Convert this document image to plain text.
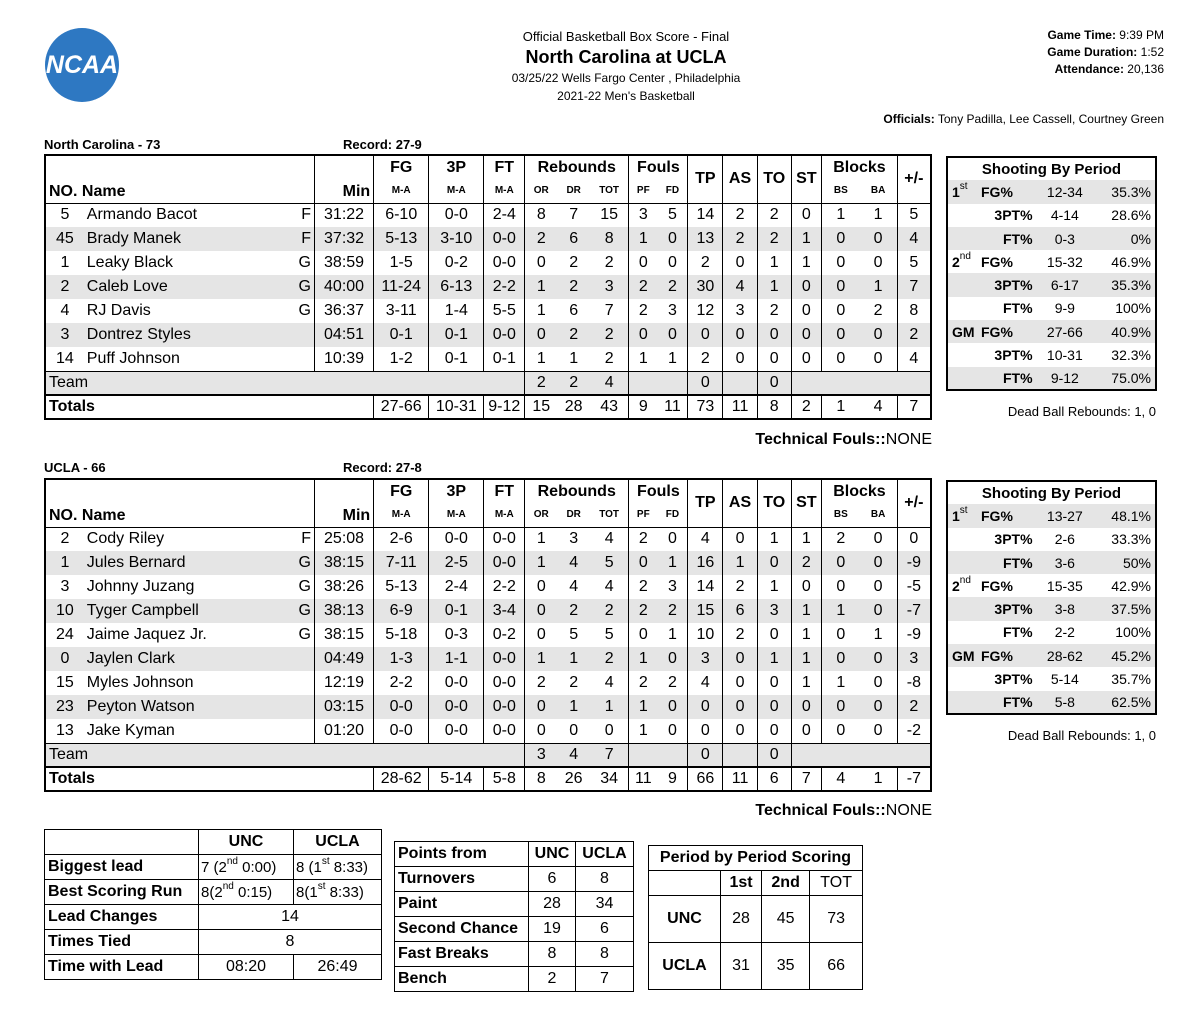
NCAA
Official Basketball Box Score - Final
North Carolina at UCLA
03/25/22 Wells Fargo Center , Philadelphia
2021-22 Men's Basketball
Game Time: 9:39 PM
Game Duration: 1:52
Attendance: 20,136
Officials: Tony Padilla, Lee Cassell, Courtney Green
North Carolina - 73	Record: 27-9
NO. Name		Min	FG	3P	FT	Rebounds			Fouls		TP	AS	TO	ST	Blocks		+/-
			M-A	M-A	M-A	OR	DR	TOT	PF	FD					BS	BA	
5	Armando Bacot F	31:22	6-10	0-0	2-4	8	7	15	3	5	14	2	2	0	1	1	5
45	Brady Manek F	37:32	5-13	3-10	0-0	2	6	8	1	0	13	2	2	1	0	0	4
1	Leaky Black G	38:59	1-5	0-2	0-0	0	2	2	0	0	2	0	1	1	0	0	5
2	Caleb Love G	40:00	11-24	6-13	2-2	1	2	3	2	2	30	4	1	0	0	1	7
4	RJ Davis G	36:37	3-11	1-4	5-5	1	6	7	2	3	12	3	2	0	0	2	8
3	Dontrez Styles	04:51	0-1	0-1	0-0	0	2	2	0	0	0	0	0	0	0	0	2
14	Puff Johnson	10:39	1-2	0-1	0-1	1	1	2	1	1	2	0	0	0	0	0	4
Team						2	2	4			0		0				
Totals			27-66	10-31	9-12	15	28	43	9	11	73	11	8	2	1	4	7
Shooting By Period			
1st	FG%	12-34	35.3%
	3PT%	4-14	28.6%
	FT%	0-3	0%
2nd	FG%	15-32	46.9%
	3PT%	6-17	35.3%
	FT%	9-9	100%
GM	FG%	27-66	40.9%
	3PT%	10-31	32.3%
	FT%	9-12	75.0%
Dead Ball Rebounds: 1, 0
Technical Fouls::NONE
UCLA - 66	Record: 27-8
NO. Name		Min	FG	3P	FT	Rebounds			Fouls		TP	AS	TO	ST	Blocks		+/-
			M-A	M-A	M-A	OR	DR	TOT	PF	FD					BS	BA	
2	Cody Riley F	25:08	2-6	0-0	0-0	1	3	4	2	0	4	0	1	1	2	0	0
1	Jules Bernard G	38:15	7-11	2-5	0-0	1	4	5	0	1	16	1	0	2	0	0	-9
3	Johnny Juzang G	38:26	5-13	2-4	2-2	0	4	4	2	3	14	2	1	0	0	0	-5
10	Tyger Campbell G	38:13	6-9	0-1	3-4	0	2	2	2	2	15	6	3	1	1	0	-7
24	Jaime Jaquez Jr. G	38:15	5-18	0-3	0-2	0	5	5	0	1	10	2	0	1	0	1	-9
0	Jaylen Clark	04:49	1-3	1-1	0-0	1	1	2	1	0	3	0	1	1	0	0	3
15	Myles Johnson	12:19	2-2	0-0	0-0	2	2	4	2	2	4	0	0	1	1	0	-8
23	Peyton Watson	03:15	0-0	0-0	0-0	0	1	1	1	0	0	0	0	0	0	0	2
13	Jake Kyman	01:20	0-0	0-0	0-0	0	0	0	1	0	0	0	0	0	0	0	-2
Team						3	4	7			0		0				
Totals			28-62	5-14	5-8	8	26	34	11	9	66	11	6	7	4	1	-7
Shooting By Period			
1st	FG%	13-27	48.1%
	3PT%	2-6	33.3%
	FT%	3-6	50%
2nd	FG%	15-35	42.9%
	3PT%	3-8	37.5%
	FT%	2-2	100%
GM	FG%	28-62	45.2%
	3PT%	5-14	35.7%
	FT%	5-8	62.5%
Dead Ball Rebounds: 1, 0
Technical Fouls::NONE
	UNC	UCLA
Biggest lead	7 (2nd 0:00)	8 (1st 8:33)
Best Scoring Run	8(2nd 0:15)	8(1st 8:33)
Lead Changes	14	
Times Tied	8	
Time with Lead	08:20	26:49
Points from	UNC	UCLA
Turnovers	6	8
Paint	28	34
Second Chance	19	6
Fast Breaks	8	8
Bench	2	7
Period by Period Scoring			
	1st	2nd	TOT
UNC	28	45	73
UCLA	31	35	66
